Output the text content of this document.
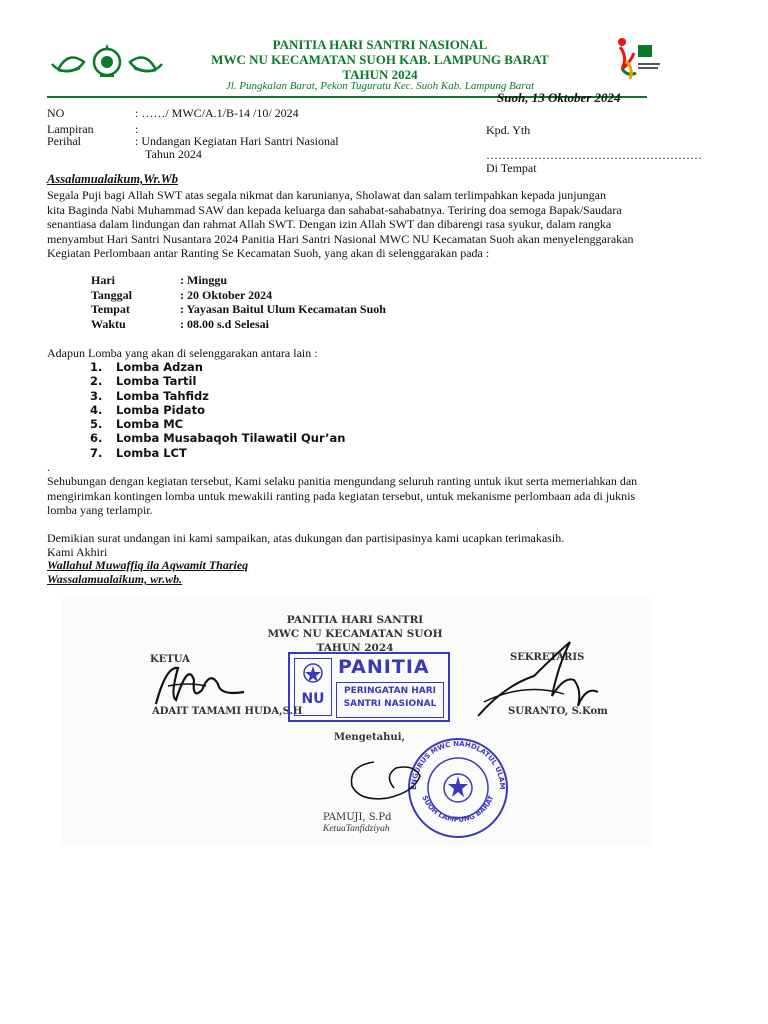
PANITIA HARI SANTRI NASIONAL
MWC NU KECAMATAN SUOH KAB. LAMPUNG BARAT
TAHUN 2024
Jl. Pungkalan Barat, Pekon Tuguratu Kec. Suoh Kab. Lampung Barat
Suoh, 13 Oktober 2024
NO	: ……/ MWC/A.1/B-14 /10/ 2024
Lampiran	:
Perihal	: Undangan Kegiatan Hari Santri Nasional
Tahun 2024
Kpd. Yth
………………………………………………
Di Tempat
Assalamualaikum,Wr.Wb
Segala Puji bagi Allah SWT atas segala nikmat dan karunianya, Sholawat dan salam terlimpahkan kepada junjungan
kita Baginda Nabi Muhammad SAW dan kepada keluarga dan sahabat-sahabatnya. Teriring doa semoga Bapak/Saudara
senantiasa dalam lindungan dan rahmat Allah SWT. Dengan izin Allah SWT dan dibarengi rasa syukur, dalam rangka
menyambut Hari Santri Nusantara 2024 Panitia Hari Santri Nasional MWC NU Kecamatan Suoh akan menyelenggarakan
Kegiatan Perlombaan antar Ranting Se Kecamatan Suoh, yang akan di selenggarakan pada :
Hari	: Minggu
Tanggal	: 20 Oktober 2024
Tempat	: Yayasan Baitul Ulum Kecamatan Suoh
Waktu	: 08.00 s.d Selesai
Adapun Lomba yang akan di selenggarakan antara lain :
1.	Lomba Adzan
2.	Lomba Tartil
3.	Lomba Tahfidz
4.	Lomba Pidato
5.	Lomba MC
6.	Lomba Musabaqoh Tilawatil Qur’an
7.	Lomba LCT
.
Sehubungan dengan kegiatan tersebut, Kami selaku panitia mengundang seluruh ranting untuk ikut serta memeriahkan dan
mengirimkan kontingen lomba untuk mewakili ranting pada kegiatan tersebut, untuk mekanisme perlombaan ada di juknis
lomba yang terlampir.
Demikian surat undangan ini kami sampaikan, atas dukungan dan partisipasinya kami ucapkan terimakasih.
Kami Akhiri
Wallahul Muwaffiq ila Aqwamit Tharieq
Wassalamualaikum, wr.wb.
PANITIA HARI SANTRI
MWC NU KECAMATAN SUOH
TAHUN 2024
KETUA	SEKRETARIS
ADAIT TAMAMI HUDA,S.H
NU
PANITIA
PERINGATAN HARI
SANTRI NASIONAL
SURANTO, S.Kom
Mengetahui,
ENGURUS MWC NAHDLATUL ULAM
SUOH LAMPUNG BARAT
PAMUJI, S.Pd
KetuaTanfidziyah
